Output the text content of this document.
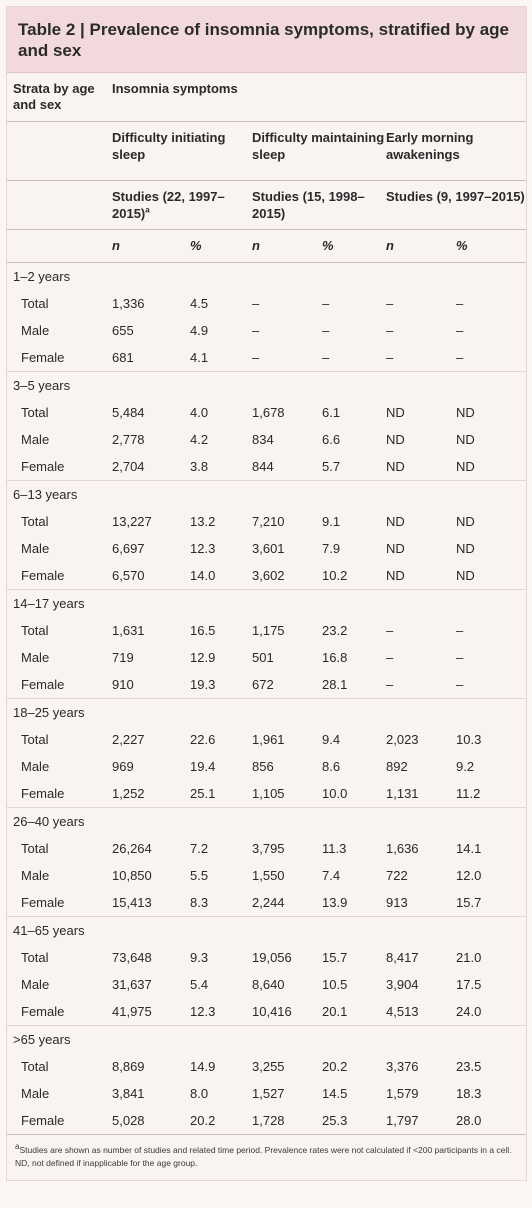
Table 2 | Prevalence of insomnia symptoms, stratified by age and sex
Strata by age and sex	Insomnia symptoms					
	Difficulty initiating sleep		Difficulty maintaining sleep		Early morning awakenings	
	Studies (22, 1997–2015)$^a$		Studies (15, 1998–2015)		Studies (9, 1997–2015)	
	n	%	n	%	n	%
1–2 years						
Total	1,336	4.5	–	–	–	–
Male	655	4.9	–	–	–	–
Female	681	4.1	–	–	–	–
3–5 years						
Total	5,484	4.0	1,678	6.1	ND	ND
Male	2,778	4.2	834	6.6	ND	ND
Female	2,704	3.8	844	5.7	ND	ND
6–13 years						
Total	13,227	13.2	7,210	9.1	ND	ND
Male	6,697	12.3	3,601	7.9	ND	ND
Female	6,570	14.0	3,602	10.2	ND	ND
14–17 years						
Total	1,631	16.5	1,175	23.2	–	–
Male	719	12.9	501	16.8	–	–
Female	910	19.3	672	28.1	–	–
18–25 years						
Total	2,227	22.6	1,961	9.4	2,023	10.3
Male	969	19.4	856	8.6	892	9.2
Female	1,252	25.1	1,105	10.0	1,131	11.2
26–40 years						
Total	26,264	7.2	3,795	11.3	1,636	14.1
Male	10,850	5.5	1,550	7.4	722	12.0
Female	15,413	8.3	2,244	13.9	913	15.7
41–65 years						
Total	73,648	9.3	19,056	15.7	8,417	21.0
Male	31,637	5.4	8,640	10.5	3,904	17.5
Female	41,975	12.3	10,416	20.1	4,513	24.0
>65 years						
Total	8,869	14.9	3,255	20.2	3,376	23.5
Male	3,841	8.0	1,527	14.5	1,579	18.3
Female	5,028	20.2	1,728	25.3	1,797	28.0
aStudies are shown as number of studies and related time period. Prevalence rates were not calculated if <200 participants in a cell. ND, not defined if inapplicable for the age group.
